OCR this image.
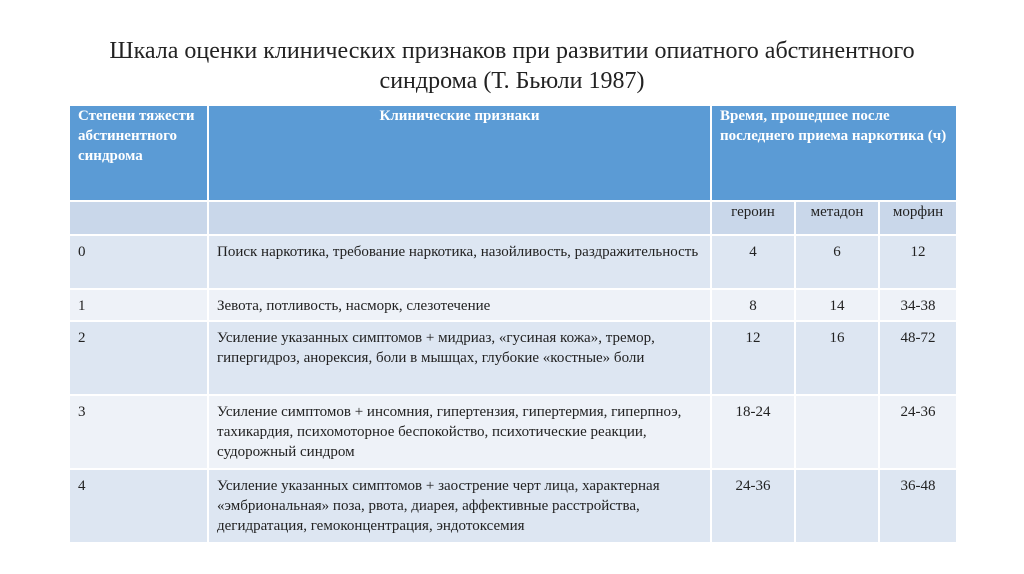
Шкала оценки клинических признаков при развитии опиатного абстинентного
синдрома (Т. Бьюли 1987)
Степени тяжести абстинентного синдрома	Клинические признаки	Время, прошедшее после последнего приема наркотика (ч)		
		героин	метадон	морфин
0	Поиск наркотика, требование наркотика, назойливость, раздражительность	4	6	12
1	Зевота, потливость, насморк, слезотечение	8	14	34-38
2	Усиление указанных симптомов + мидриаз, «гусиная кожа», тремор, гипергидроз, анорексия, боли в мышцах, глубокие «костные» боли	12	16	48-72
3	Усиление симптомов + инсомния, гипертензия, гипертермия, гиперпноэ, тахикардия, психомоторное беспокойство, психотические реакции, судорожный синдром	18-24		24-36
4	Усиление указанных симптомов + заострение черт лица, характерная «эмбриональная» поза, рвота, диарея, аффективные расстройства, дегидратация, гемоконцентрация, эндотоксемия	24-36		36-48
